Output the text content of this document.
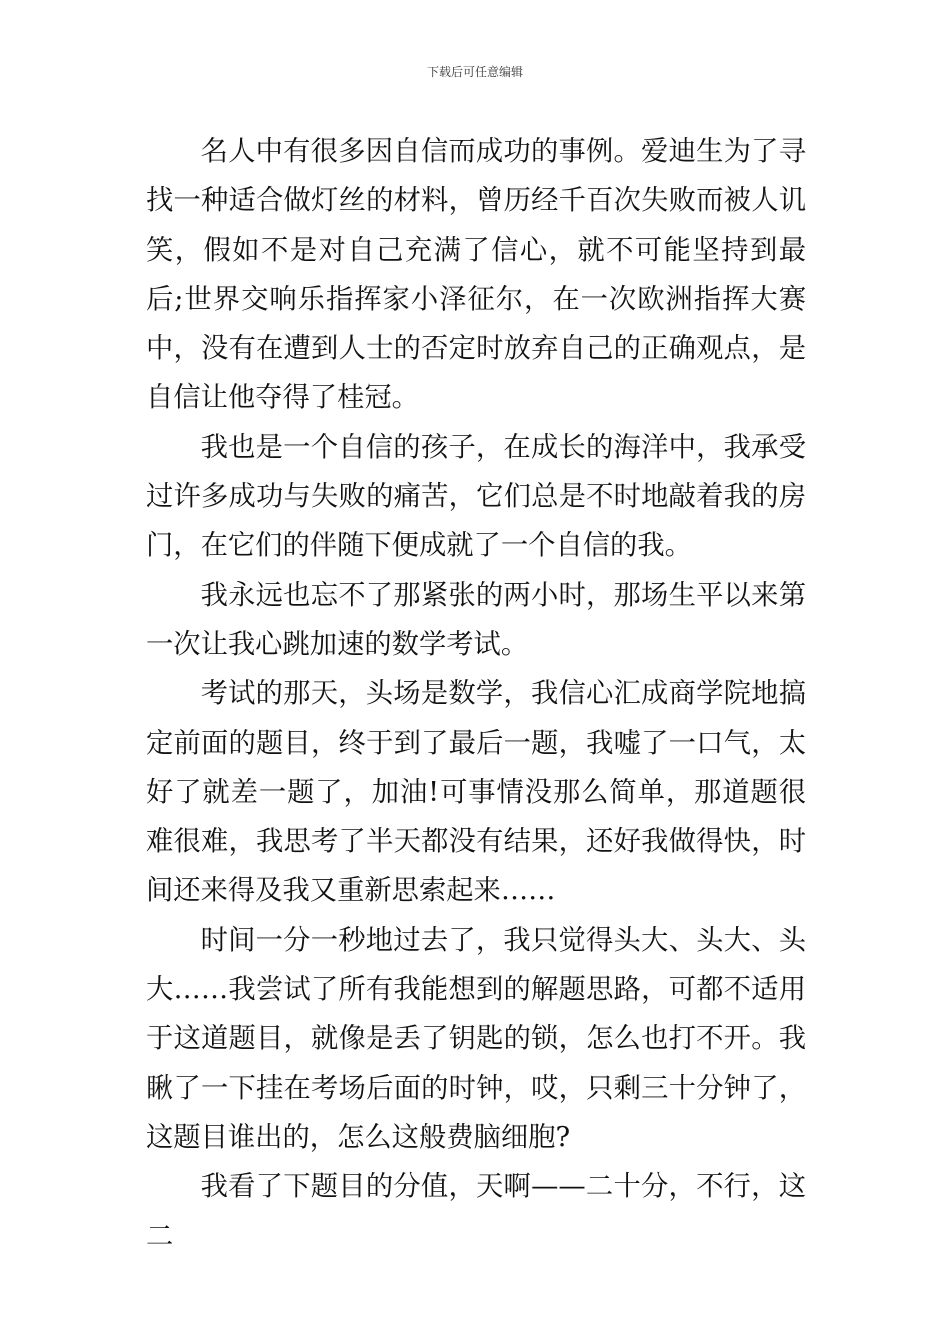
下载后可任意编辑

名人中有很多因自信而成功的事例。爱迪生为了寻找一种适合做灯丝的材料，曾历经千百次失败而被人讥笑，假如不是对自己充满了信心，就不可能坚持到最后;世界交响乐指挥家小泽征尔，在一次欧洲指挥大赛中，没有在遭到人士的否定时放弃自己的正确观点，是自信让他夺得了桂冠。

我也是一个自信的孩子，在成长的海洋中，我承受过许多成功与失败的痛苦，它们总是不时地敲着我的房门，在它们的伴随下便成就了一个自信的我。

我永远也忘不了那紧张的两小时，那场生平以来第一次让我心跳加速的数学考试。

考试的那天，头场是数学，我信心汇成商学院地搞定前面的题目，终于到了最后一题，我嘘了一口气，太好了就差一题了，加油!可事情没那么简单，那道题很难很难，我思考了半天都没有结果，还好我做得快，时间还来得及我又重新思索起来……

时间一分一秒地过去了，我只觉得头大、头大、头大……我尝试了所有我能想到的解题思路，可都不适用于这道题目，就像是丢了钥匙的锁，怎么也打不开。我瞅了一下挂在考场后面的时钟，哎，只剩三十分钟了，这题目谁出的，怎么这般费脑细胞?

我看了下题目的分值，天啊——二十分，不行，这二
